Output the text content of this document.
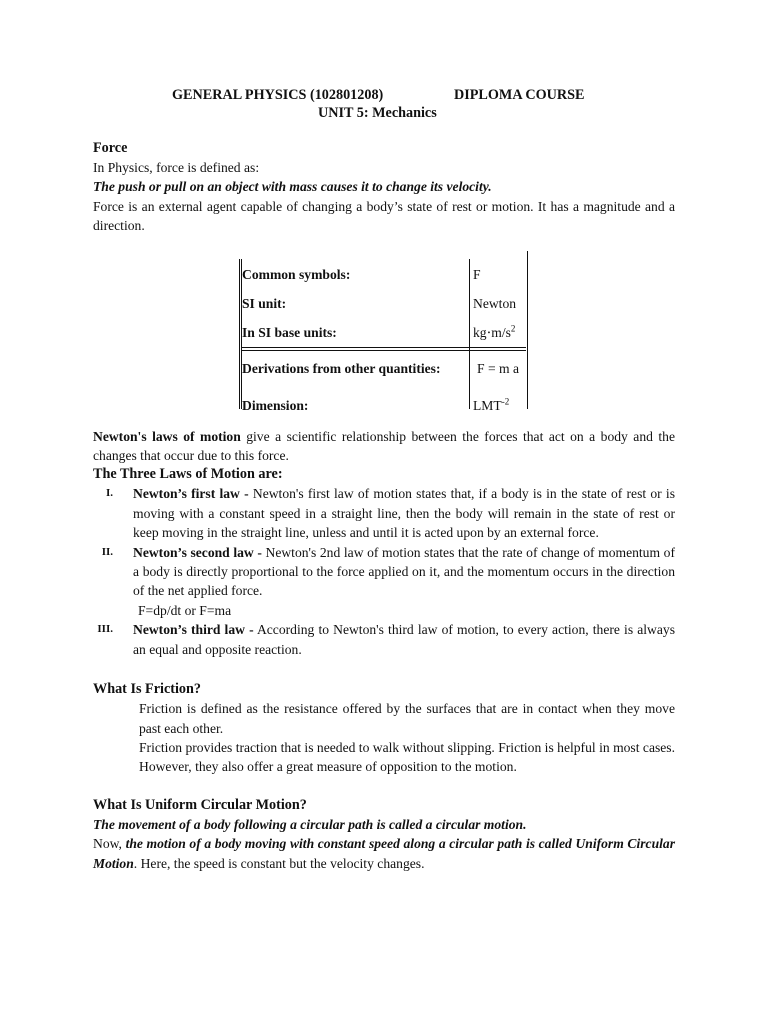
GENERAL PHYSICS (102801208)	DIPLOMA COURSE
UNIT 5: Mechanics
Force

In Physics, force is defined as:

The push or pull on an object with mass causes it to change its velocity.

Force is an external agent capable of changing a body’s state of rest or motion. It has a magnitude and a direction.

Common symbols:	F
SI unit:	Newton
In SI base units:	$kg\cdot m/s^2$
Derivations from other quantities:	F = m a
Dimension:	$LMT^{-2}$

Newton's laws of motion give a scientific relationship between the forces that act on a body and the changes that occur due to this force.

The Three Laws of Motion are:
I. Newton’s first law - Newton's first law of motion states that, if a body is in the state of rest or is moving with a constant speed in a straight line, then the body will remain in the state of rest or keep moving in the straight line, unless and until it is acted upon by an external force.
II. Newton’s second law - Newton's 2nd law of motion states that the rate of change of momentum of a body is directly proportional to the force applied on it, and the momentum occurs in the direction of the net applied force.

F=dp/dt or F=ma

III. Newton’s third law - According to Newton's third law of motion, to every action, there is always an equal and opposite reaction.
What Is Friction?

Friction is defined as the resistance offered by the surfaces that are in contact when they move past each other.

Friction provides traction that is needed to walk without slipping. Friction is helpful in most cases. However, they also offer a great measure of opposition to the motion.

What Is Uniform Circular Motion?

The movement of a body following a circular path is called a circular motion.

Now, the motion of a body moving with constant speed along a circular path is called Uniform Circular Motion. Here, the speed is constant but the velocity changes.
